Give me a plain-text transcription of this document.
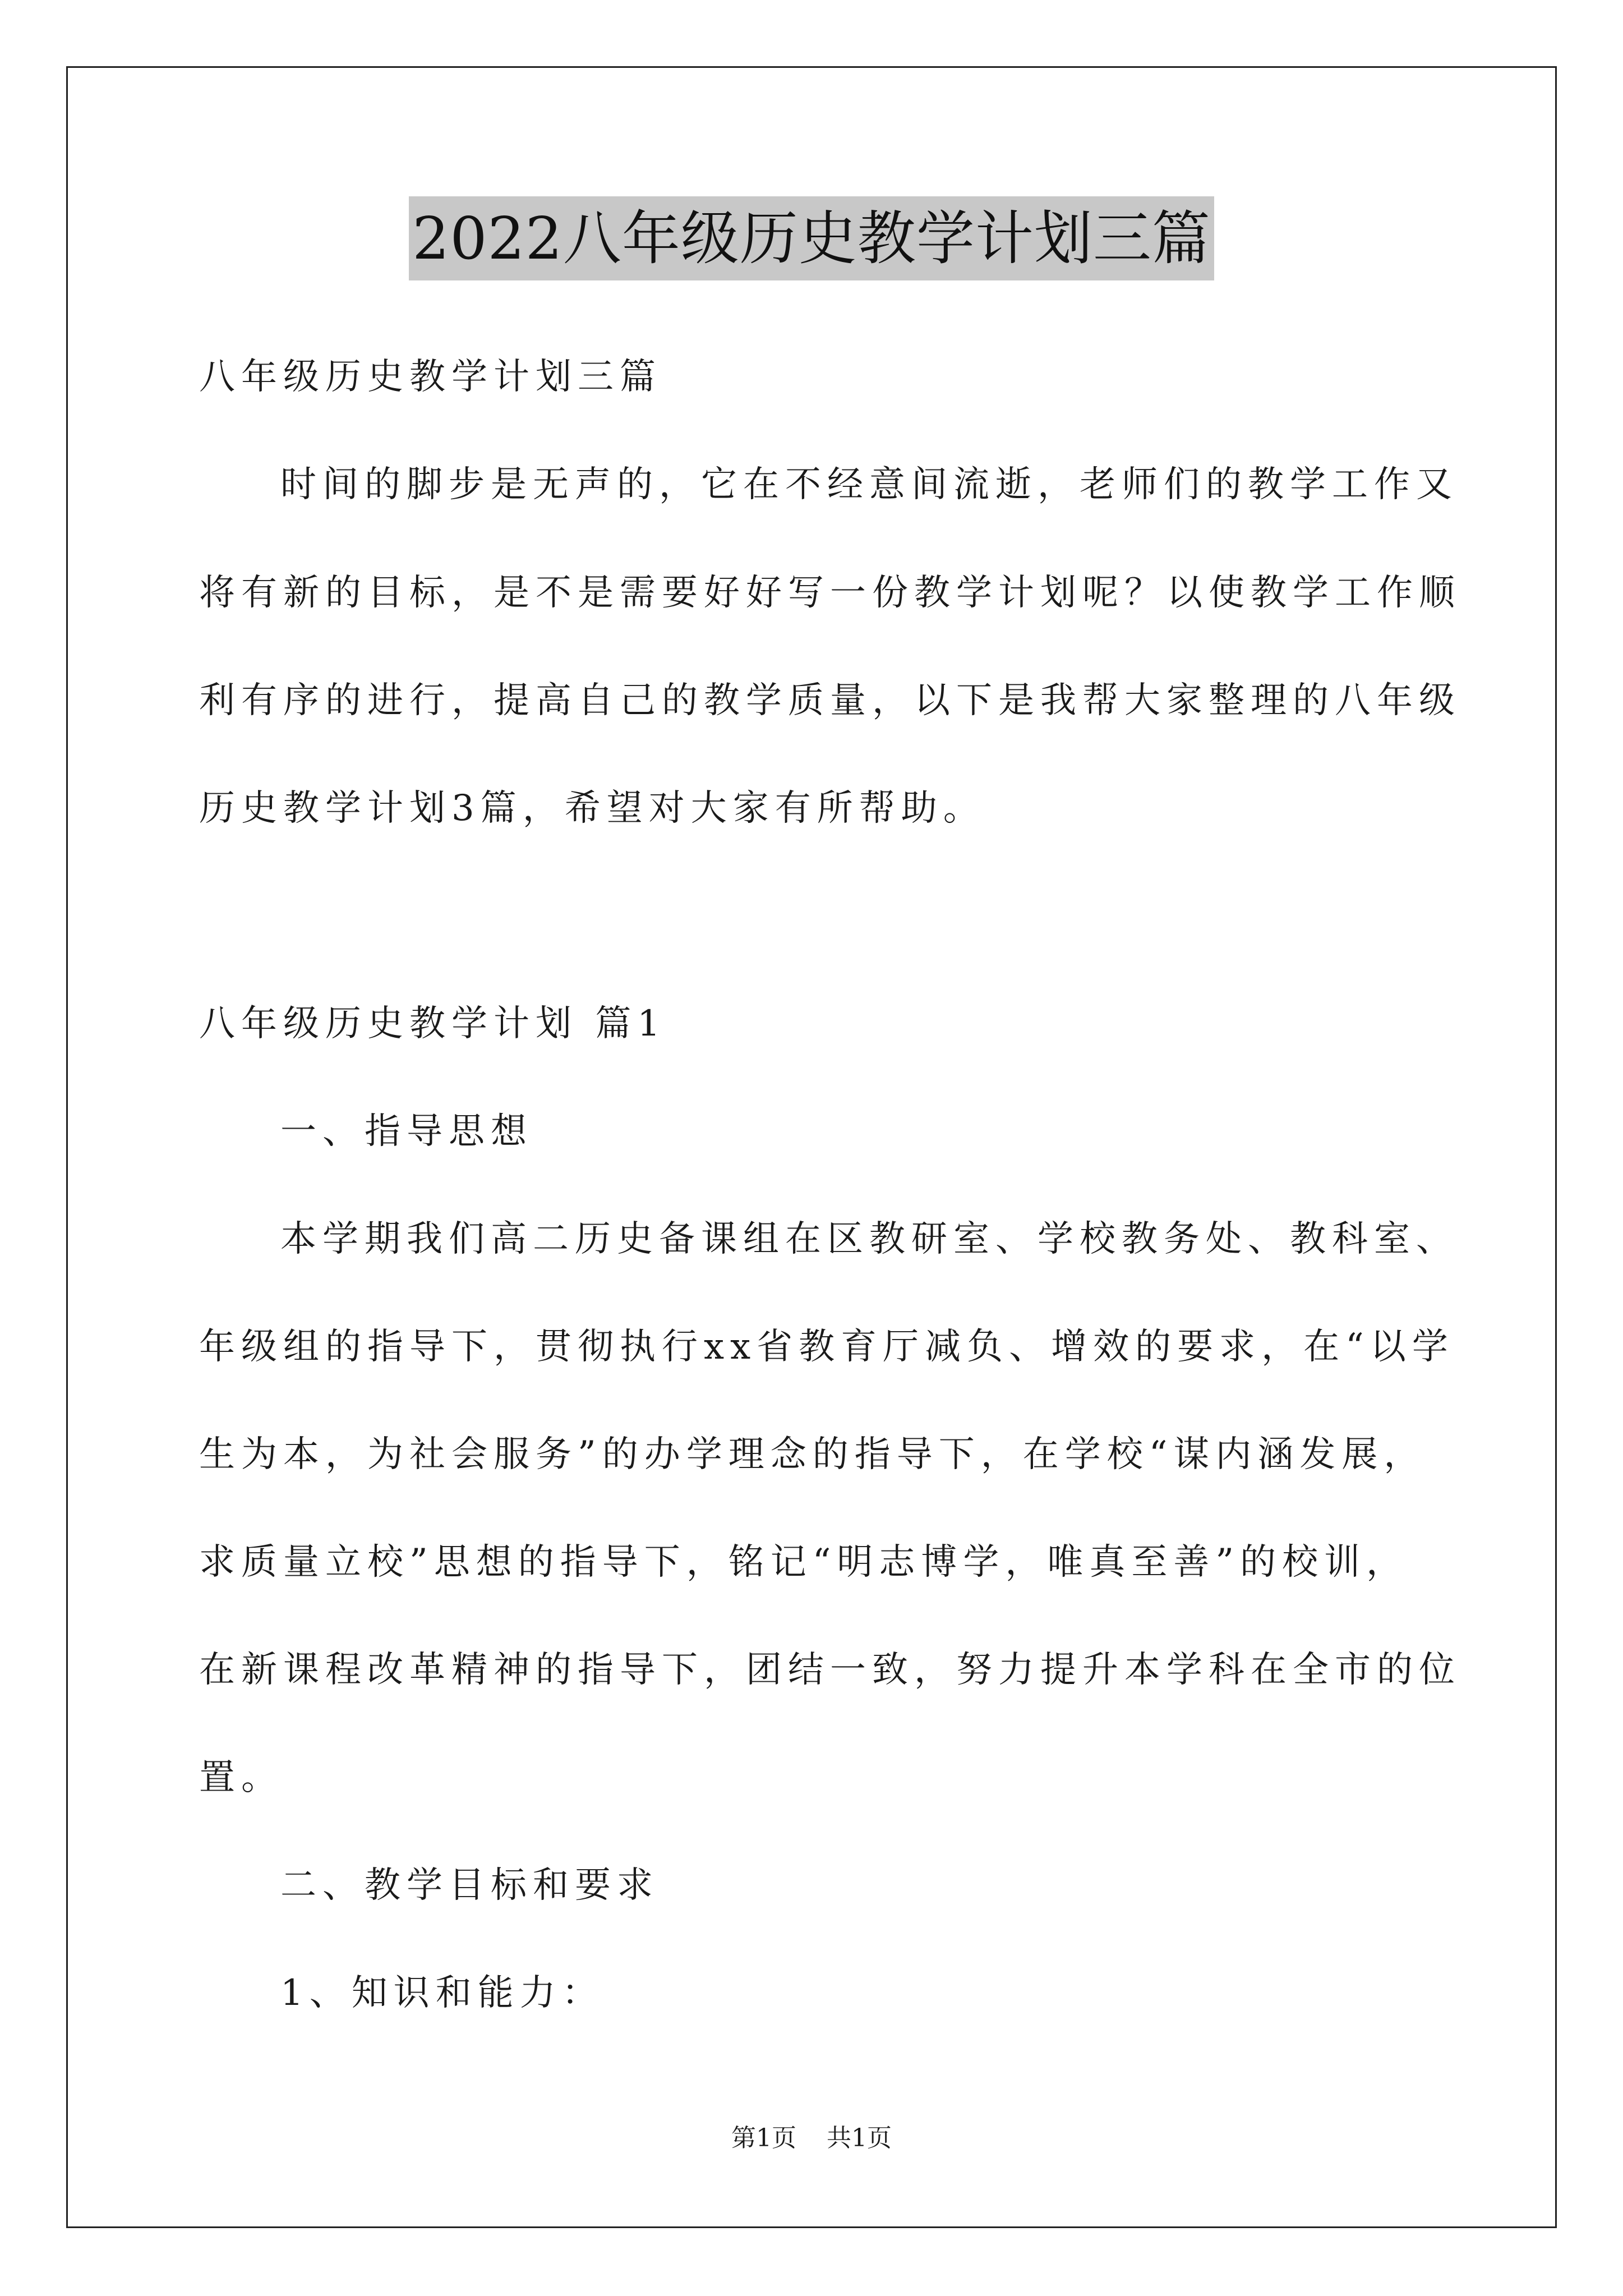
2022八年级历史教学计划三篇
八年级历史教学计划三篇
时间的脚步是无声的，它在不经意间流逝，老师们的教学工作又
将有新的目标，是不是需要好好写一份教学计划呢？以使教学工作顺
利有序的进行，提高自己的教学质量，以下是我帮大家整理的八年级
历史教学计划3篇，希望对大家有所帮助。
八年级历史教学计划 篇1
一、指导思想
本学期我们高二历史备课组在区教研室、学校教务处、教科室、
年级组的指导下，贯彻执行xx省教育厅减负、增效的要求，在“以学
生为本，为社会服务”的办学理念的指导下，在学校“谋内涵发展，
求质量立校”思想的指导下，铭记“明志博学，唯真至善”的校训，
在新课程改革精神的指导下，团结一致，努力提升本学科在全市的位
置。
二、教学目标和要求
1、知识和能力：
第1页 共1页
